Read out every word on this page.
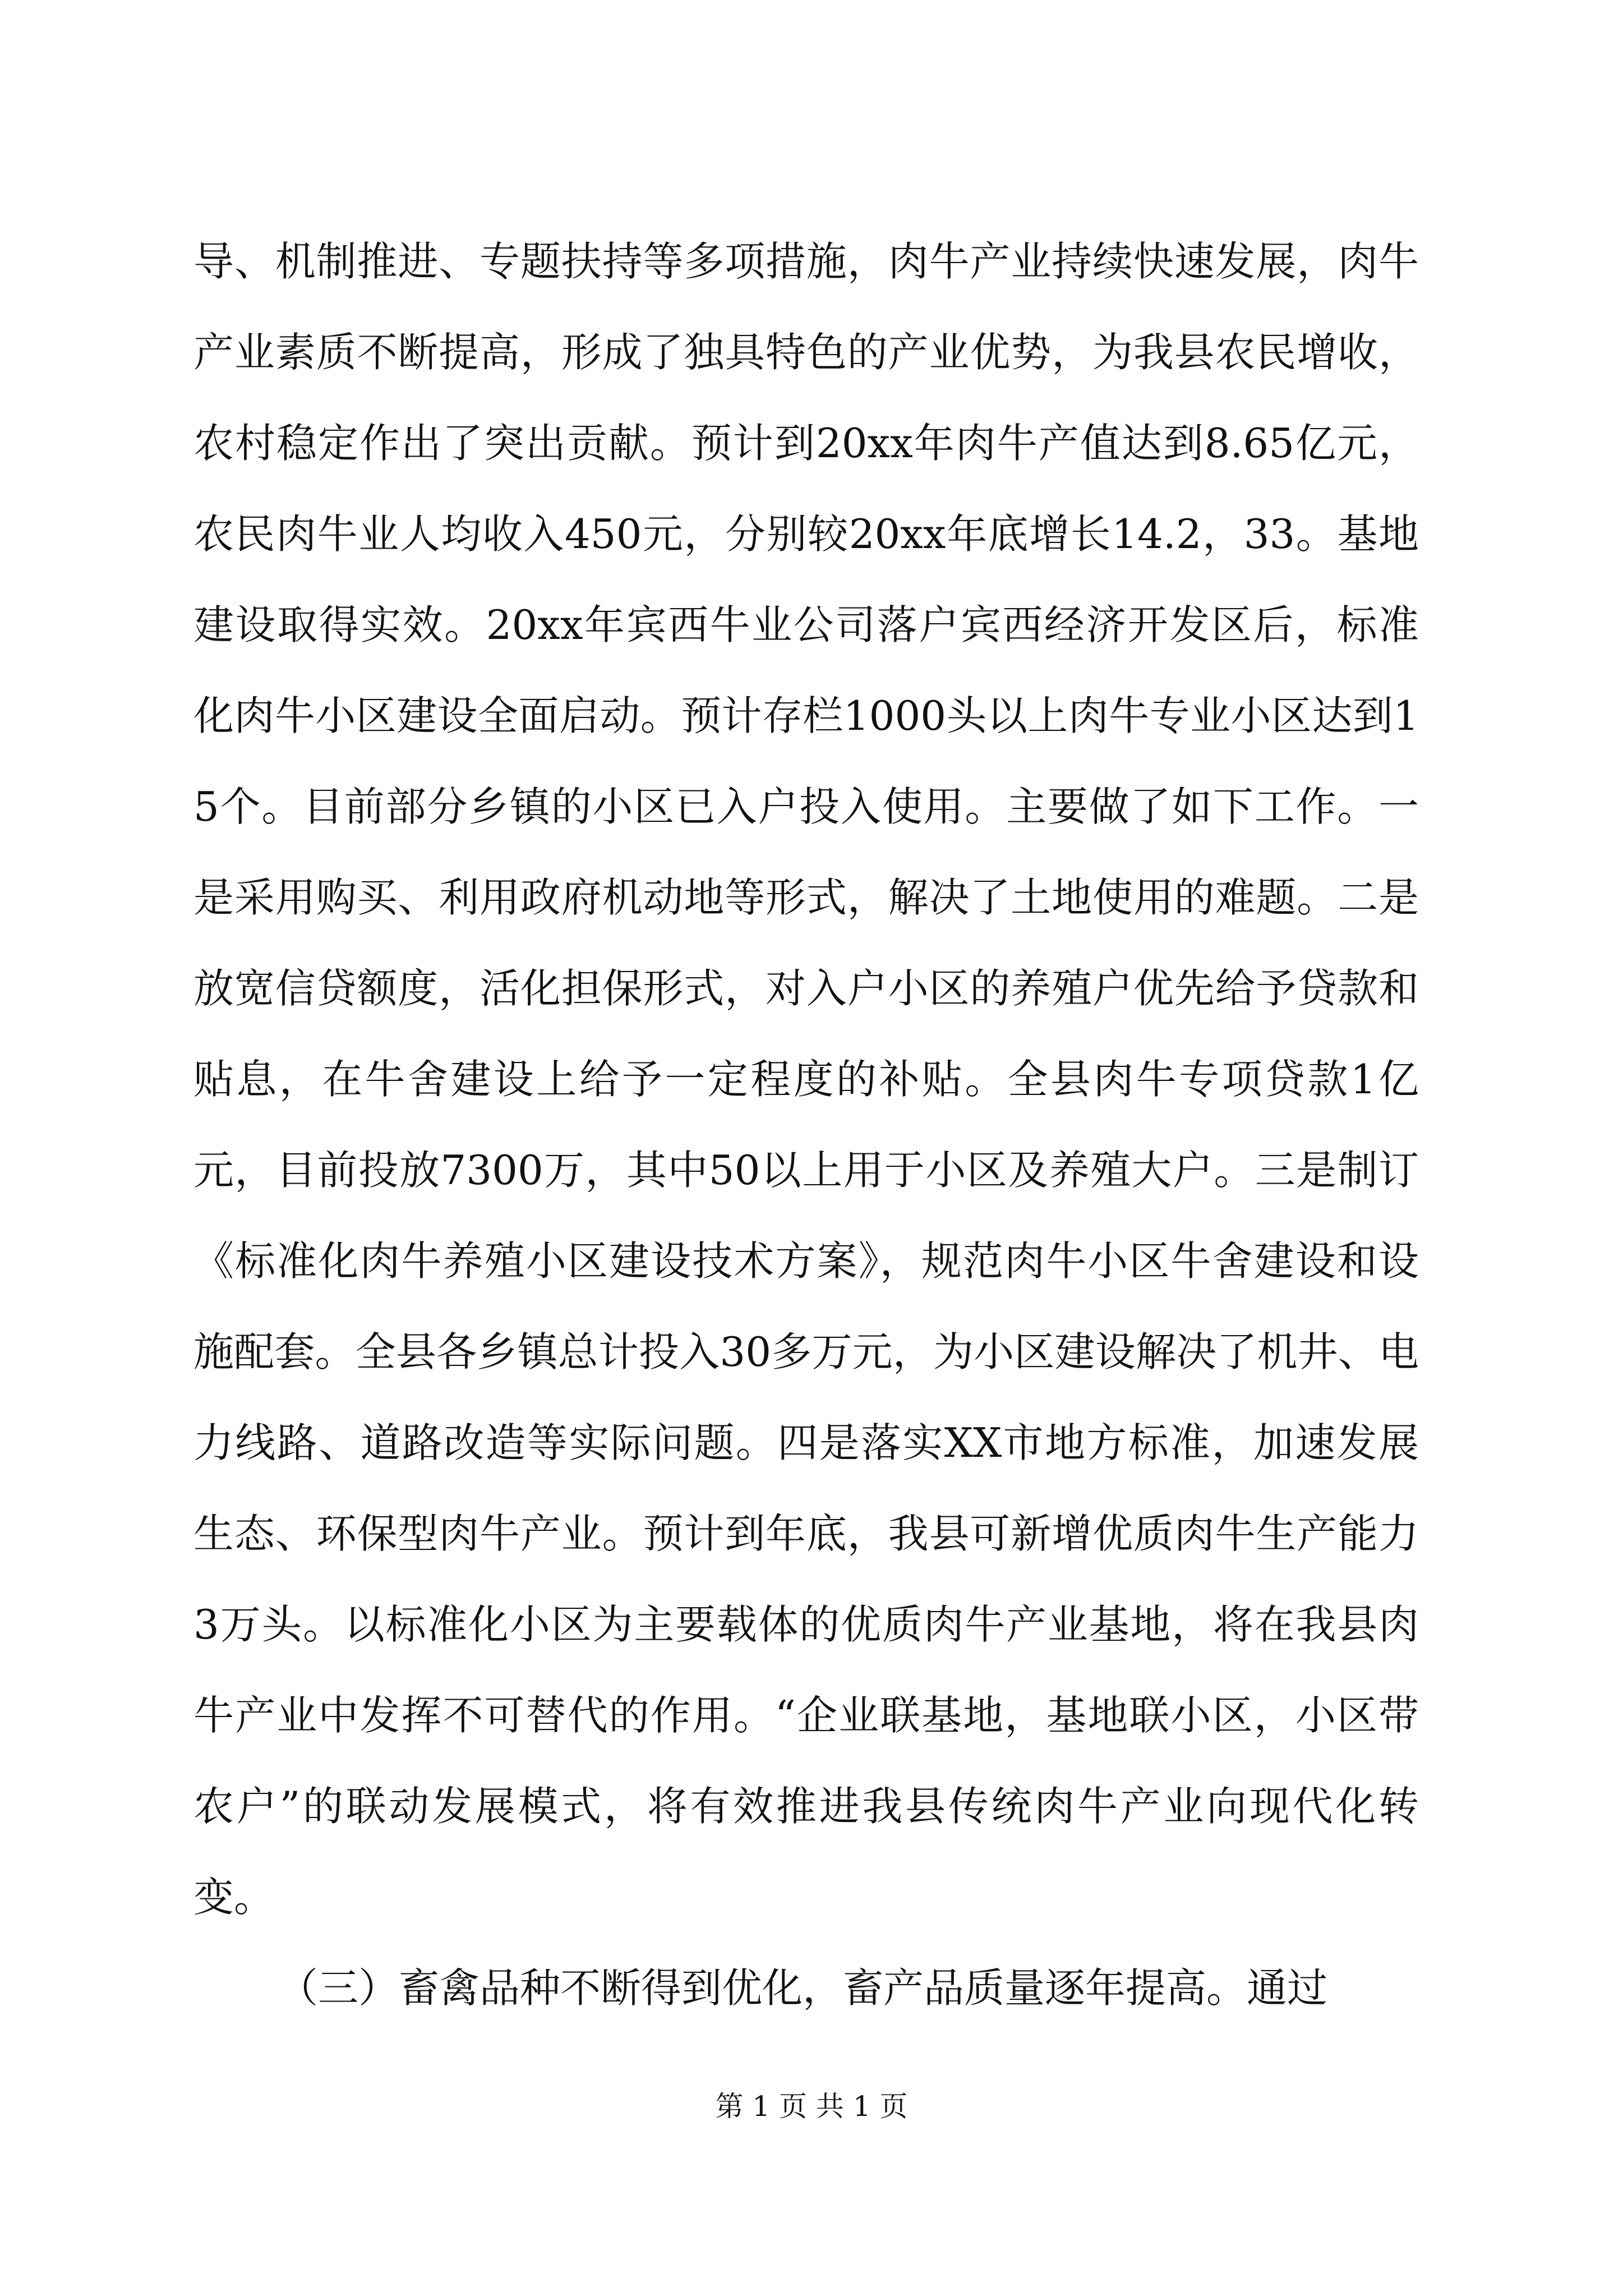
导、机制推进、专题扶持等多项措施，肉牛产业持续快速发展，肉牛产业素质不断提高，形成了独具特色的产业优势，为我县农民增收，农村稳定作出了突出贡献。预计到20xx年肉牛产值达到8.65亿元，农民肉牛业人均收入450元，分别较20xx年底增长14.2，33。基地建设取得实效。20xx年宾西牛业公司落户宾西经济开发区后，标准化肉牛小区建设全面启动。预计存栏1000头以上肉牛专业小区达到15个。目前部分乡镇的小区已入户投入使用。主要做了如下工作。一是采用购买、利用政府机动地等形式，解决了土地使用的难题。二是放宽信贷额度，活化担保形式，对入户小区的养殖户优先给予贷款和贴息，在牛舍建设上给予一定程度的补贴。全县肉牛专项贷款1亿元，目前投放7300万，其中50以上用于小区及养殖大户。三是制订《标准化肉牛养殖小区建设技术方案》，规范肉牛小区牛舍建设和设施配套。全县各乡镇总计投入30多万元，为小区建设解决了机井、电力线路、道路改造等实际问题。四是落实XX市地方标准，加速发展生态、环保型肉牛产业。预计到年底，我县可新增优质肉牛生产能力3万头。以标准化小区为主要载体的优质肉牛产业基地，将在我县肉牛产业中发挥不可替代的作用。“企业联基地，基地联小区，小区带农户”的联动发展模式，将有效推进我县传统肉牛产业向现代化转变。

（三）畜禽品种不断得到优化，畜产品质量逐年提高。通过

第 1 页 共 1 页
